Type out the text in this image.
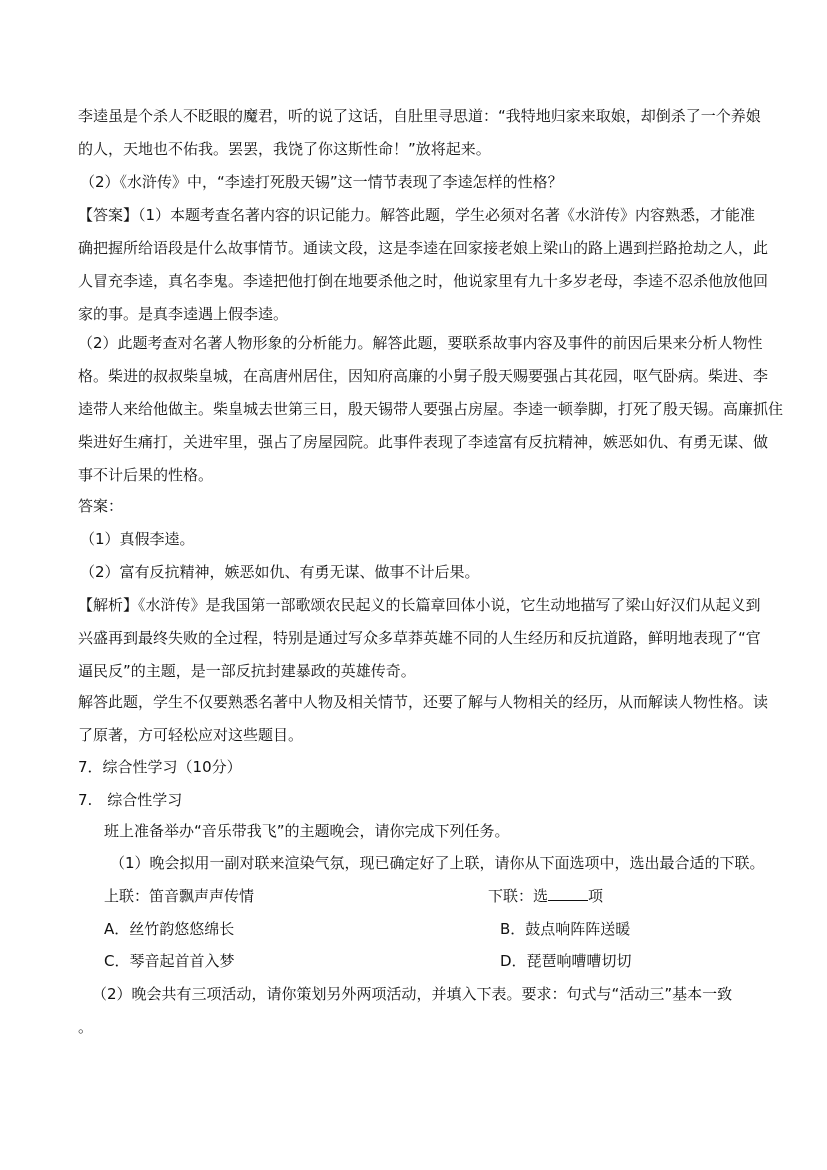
李逵虽是个杀人不眨眼的魔君，听的说了这话，自肚里寻思道：“我特地归家来取娘，却倒杀了一个养娘
的人，天地也不佑我。罢罢，我饶了你这斯性命！”放将起来。

（2）《水浒传》中，“李逵打死殷天锡”这一情节表现了李逵怎样的性格？

【答案】（1）本题考查名著内容的识记能力。解答此题，学生必须对名著《水浒传》内容熟悉，才能准
确把握所给语段是什么故事情节。通读文段，这是李逵在回家接老娘上梁山的路上遇到拦路抢劫之人，此
人冒充李逵，真名李鬼。李逵把他打倒在地要杀他之时，他说家里有九十多岁老母，李逵不忍杀他放他回
家的事。是真李逵遇上假李逵。
（2）此题考查对名著人物形象的分析能力。解答此题，要联系故事内容及事件的前因后果来分析人物性
格。柴进的叔叔柴皇城，在高唐州居住，因知府高廉的小舅子殷天赐要强占其花园，呕气卧病。柴进、李
逵带人来给他做主。柴皇城去世第三日，殷天锡带人要强占房屋。李逵一顿拳脚，打死了殷天锡。高廉抓住
柴进好生痛打，关进牢里，强占了房屋园院。此事件表现了李逵富有反抗精神，嫉恶如仇、有勇无谋、做
事不计后果的性格。

答案：

（1）真假李逵。

（2）富有反抗精神，嫉恶如仇、有勇无谋、做事不计后果。

【解析】《水浒传》是我国第一部歌颂农民起义的长篇章回体小说，它生动地描写了梁山好汉们从起义到
兴盛再到最终失败的全过程，特别是通过写众多草莽英雄不同的人生经历和反抗道路，鲜明地表现了“官
逼民反”的主题，是一部反抗封建暴政的英雄传奇。
解答此题，学生不仅要熟悉名著中人物及相关情节，还要了解与人物相关的经历，从而解读人物性格。读
了原著，方可轻松应对这些题目。

7．综合性学习（10分）

7.　综合性学习

班上准备举办“音乐带我飞”的主题晚会，请你完成下列任务。

（1）晚会拟用一副对联来渲染气氛，现已确定好了上联，请你从下面选项中，选出最合适的下联。

上联：笛音飘声声传情	下联：选	项

A．丝竹韵悠悠绵长	B．鼓点响阵阵送暖

C．琴音起首首入梦	D．琵琶响嘈嘈切切

（2）晚会共有三项活动，请你策划另外两项活动，并填入下表。要求：句式与“活动三”基本一致
。
